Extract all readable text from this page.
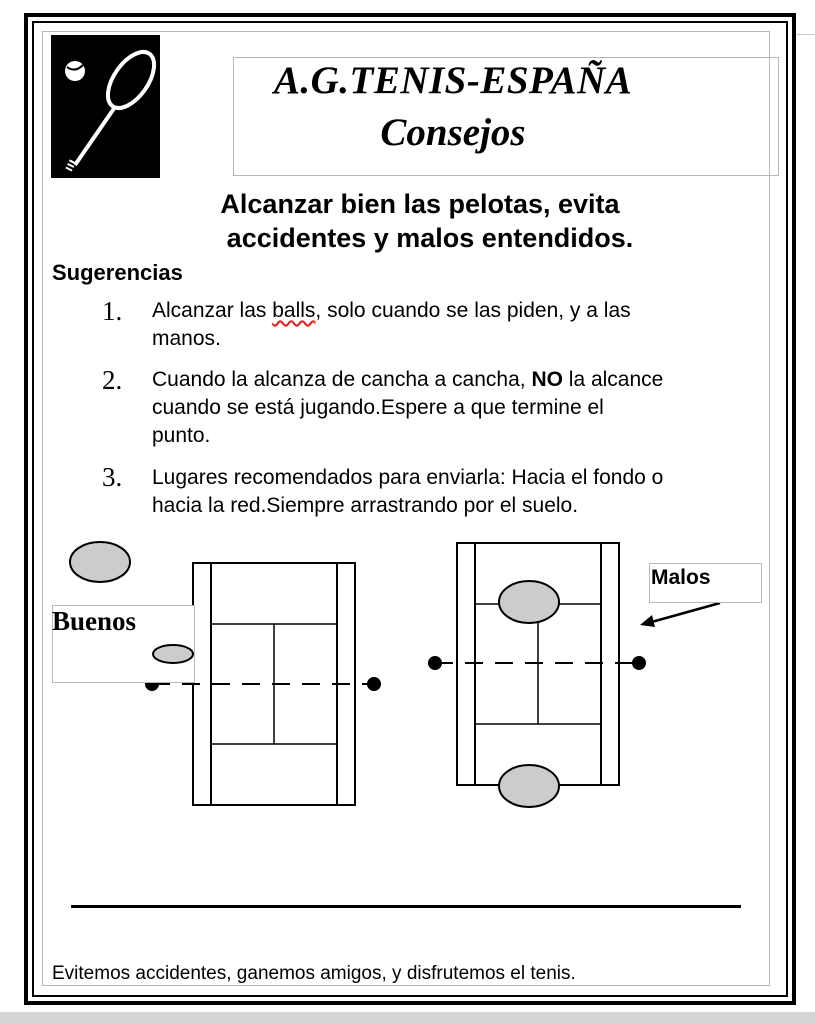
A.G.TENIS-ESPAÑA
Consejos
Alcanzar bien las pelotas, evita
accidentes y malos entendidos.
Sugerencias
1.	Alcanzar las balls, solo cuando se las piden, y a las
manos.
2.	Cuando la alcanza de cancha a cancha, NO la alcance
cuando se está jugando.Espere a que termine el
punto.
3.	Lugares recomendados para enviarla: Hacia el fondo o
hacia la red.Siempre arrastrando por el suelo.
Buenos
Malos
Evitemos accidentes, ganemos amigos, y disfrutemos el tenis.
